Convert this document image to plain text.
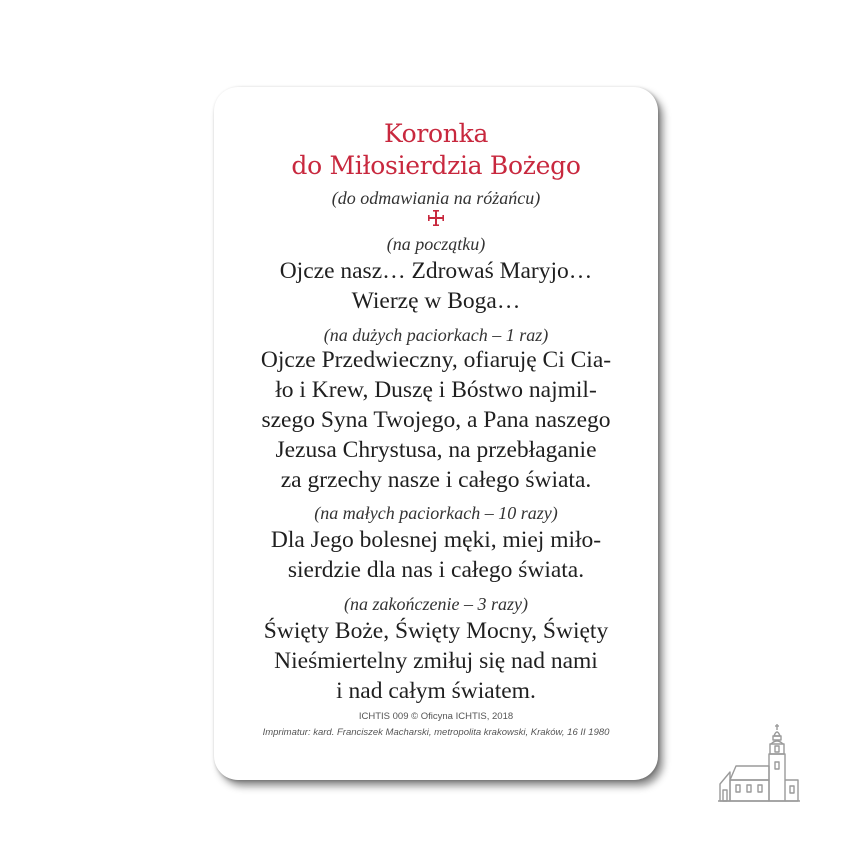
Koronka
do Miłosierdzia Bożego
(do odmawiania na różańcu)
(na początku)
Ojcze nasz… Zdrowaś Maryjo…
Wierzę w Boga…
(na dużych paciorkach – 1 raz)
Ojcze Przedwieczny, ofiaruję Ci Cia-
ło i Krew, Duszę i Bóstwo najmil-
szego Syna Twojego, a Pana naszego
Jezusa Chrystusa, na przebłaganie
za grzechy nasze i całego świata.
(na małych paciorkach – 10 razy)
Dla Jego bolesnej męki, miej miło-
sierdzie dla nas i całego świata.
(na zakończenie – 3 razy)
Święty Boże, Święty Mocny, Święty
Nieśmiertelny zmiłuj się nad nami
i nad całym światem.
ICHTIS 009 © Oficyna ICHTIS, 2018
Imprimatur: kard. Franciszek Macharski, metropolita krakowski, Kraków, 16 II 1980
